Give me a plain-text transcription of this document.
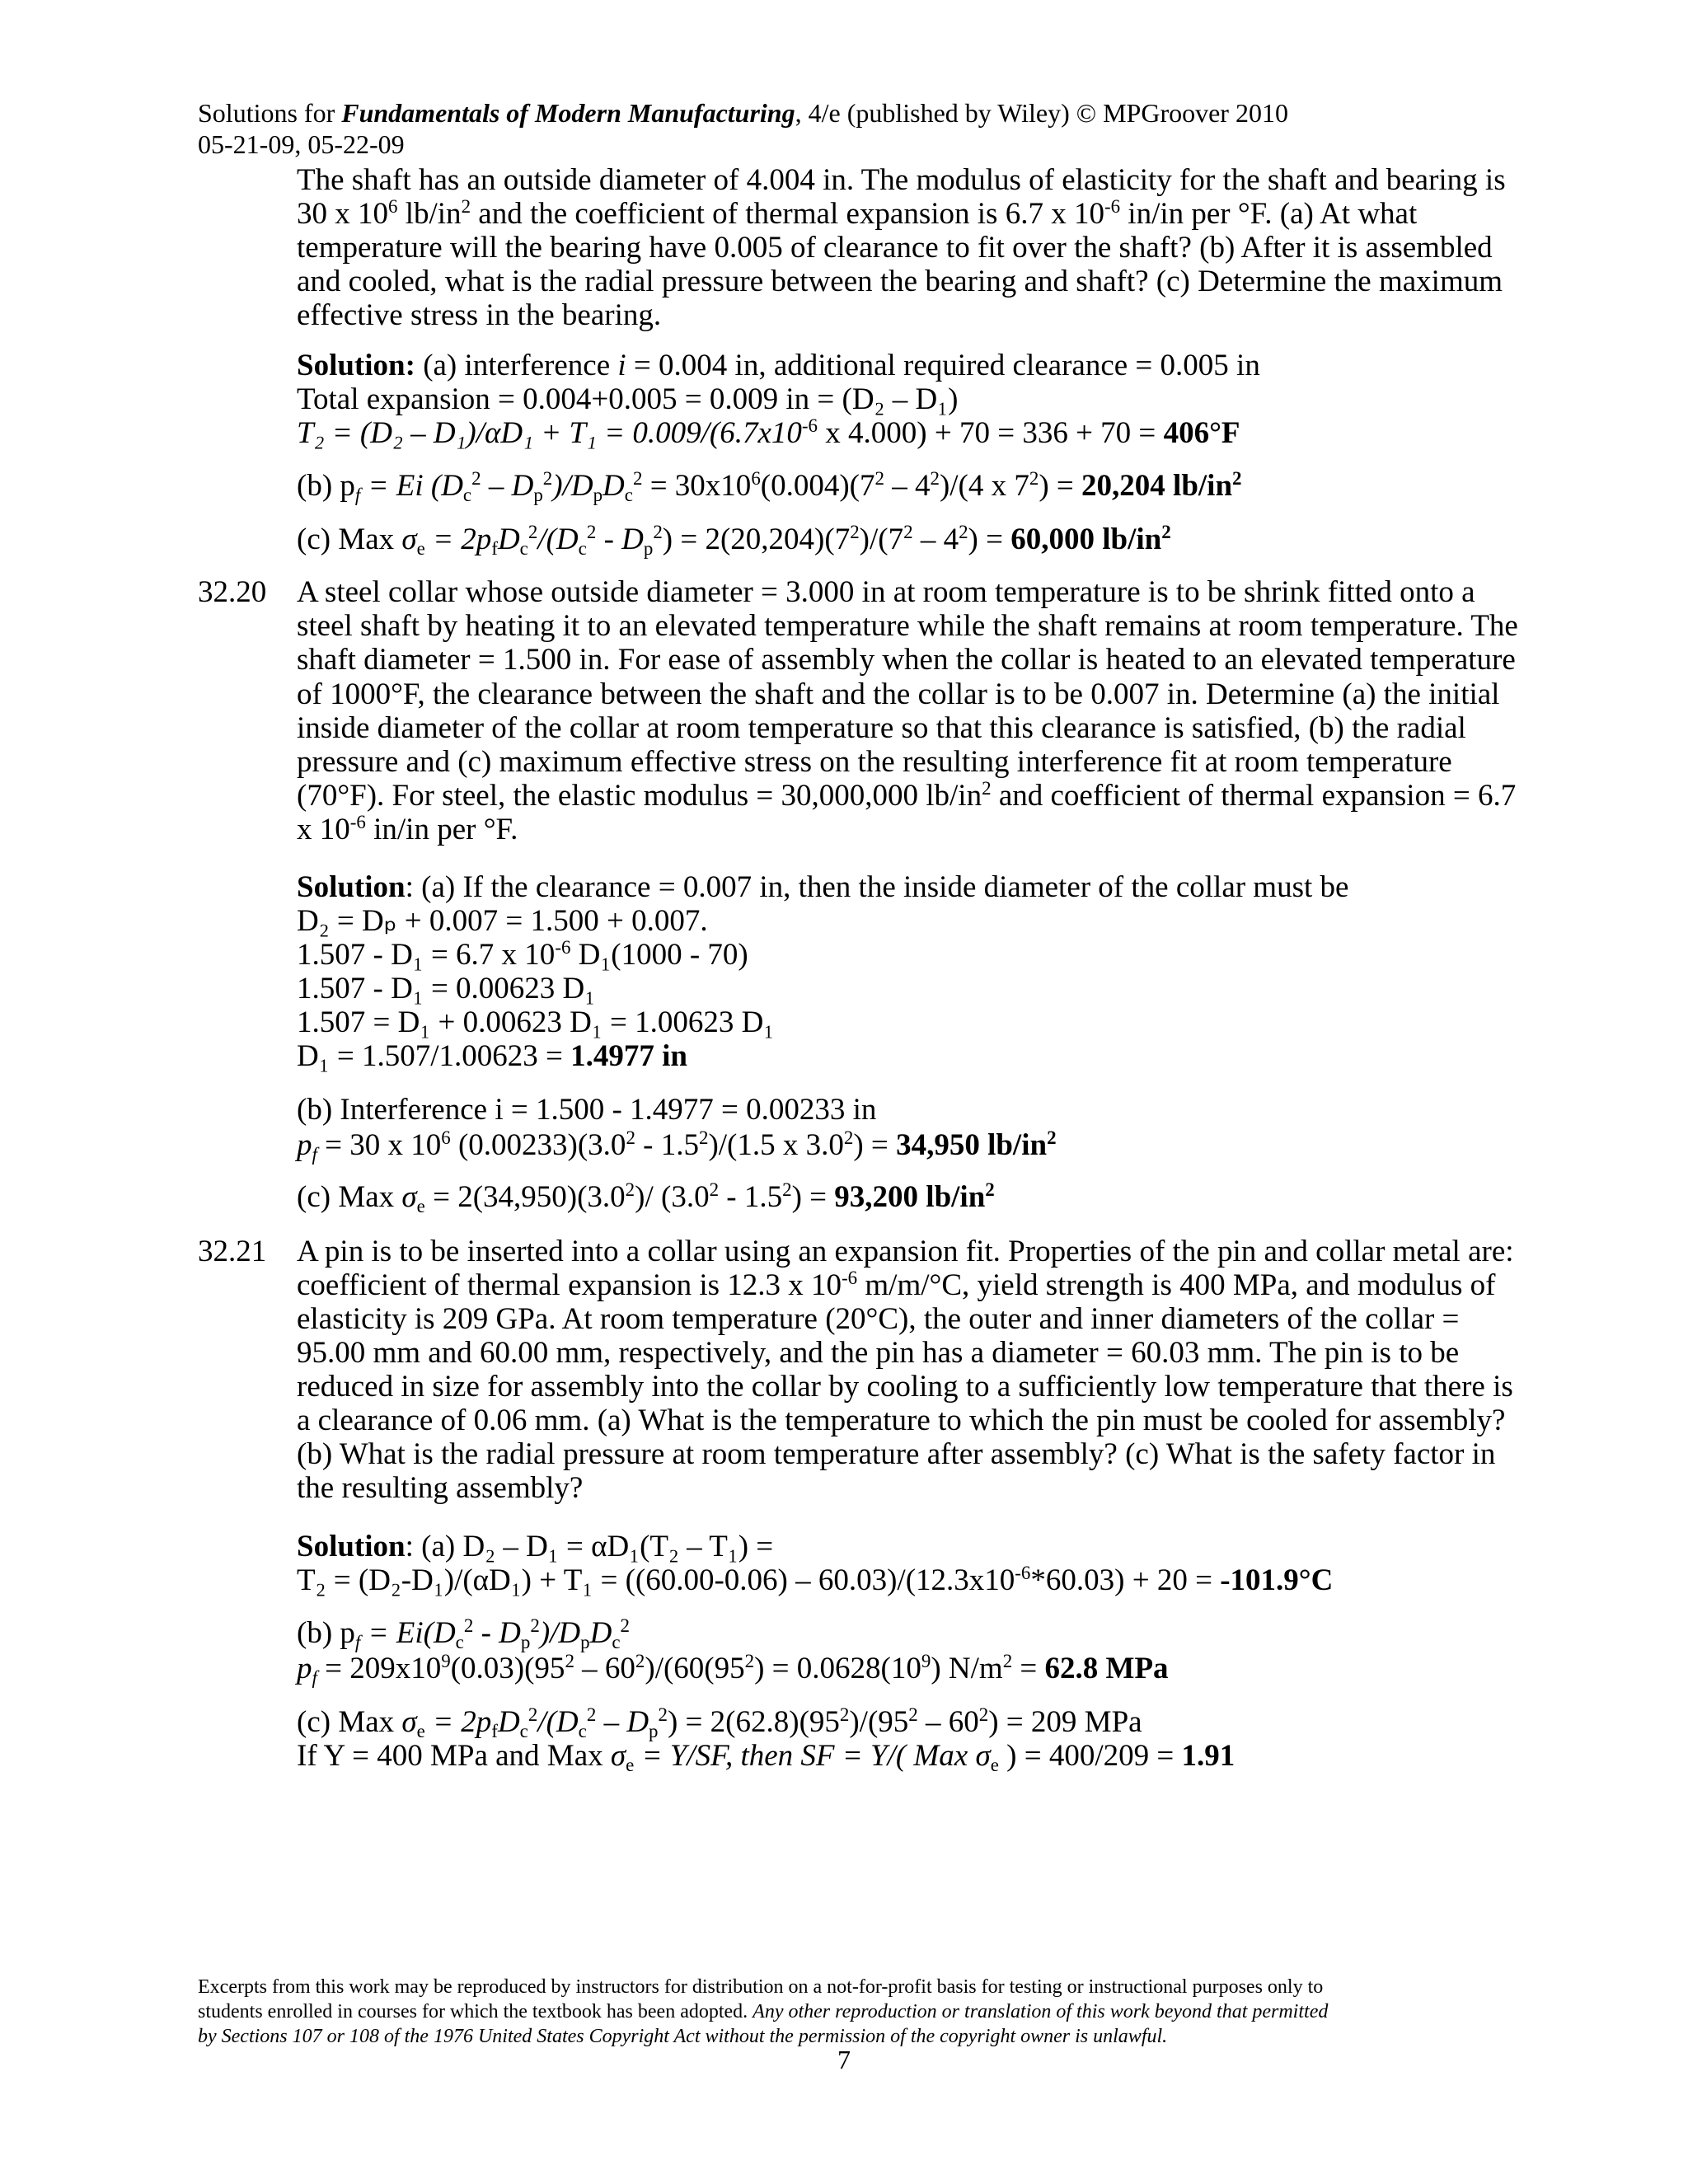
Solutions for Fundamentals of Modern Manufacturing, 4/e (published by Wiley) © MPGroover 2010
05-21-09, 05-22-09
The shaft has an outside diameter of 4.004 in. The modulus of elasticity for the shaft and bearing is
30 x $10^6$ $lb/in^2$ and the coefficient of thermal expansion is 6.7 x $10^{-6}$ in/in per °F. (a) At what
temperature will the bearing have 0.005 of clearance to fit over the shaft? (b) After it is assembled
and cooled, what is the radial pressure between the bearing and shaft? (c) Determine the maximum
effective stress in the bearing.
Solution: (a) interference i = 0.004 in, additional required clearance = 0.005 in
Total expansion = 0.004+0.005 = 0.009 in = (D₂ – D₁)
$T_2 = (D_2 - D_1)/\alpha D_1 + T_1 = 0.009/(6.7x10^{-6}$ x 4.000) + 70 = 336 + 70 = 406°F
(b) $p_f = Ei$ $(D_c^2 - D_p^2)/D_pD_c^2 = 30x10^6(0.004)(7^2 - 4^2)/(4$ x $7^2) = 20,204$ $lb/in^2$
(c) Max $\sigma_e = 2p_fD_c^2/(D_c^2 - D_p^2) = 2(20,204)(7^2)/(7^2 - 4^2) = 60,000$ $lb/in^2$
32.20 A steel collar whose outside diameter = 3.000 in at room temperature is to be shrink fitted onto a
steel shaft by heating it to an elevated temperature while the shaft remains at room temperature. The
shaft diameter = 1.500 in. For ease of assembly when the collar is heated to an elevated temperature
of 1000°F, the clearance between the shaft and the collar is to be 0.007 in. Determine (a) the initial
inside diameter of the collar at room temperature so that this clearance is satisfied, (b) the radial
pressure and (c) maximum effective stress on the resulting interference fit at room temperature
(70°F). For steel, the elastic modulus = 30,000,000 $lb/in^2$ and coefficient of thermal expansion = 6.7
x $10^{-6}$ in/in per °F.
Solution: (a) If the clearance = 0.007 in, then the inside diameter of the collar must be
D₂ = Dₚ + 0.007 = 1.500 + 0.007.
1.507 - D₁ = 6.7 x $10^{-6}$ D₁(1000 - 70)
1.507 - D₁ = 0.00623 D₁
1.507 = D₁ + 0.00623 D₁ = 1.00623 D₁
D₁ = 1.507/1.00623 = 1.4977 in
(b) Interference i = 1.500 - 1.4977 = 0.00233 in
$p_f = 30$ x $10^6$ $(0.00233)(3.0^2 - 1.5^2)/(1.5$ x $3.0^2) = 34,950$ $lb/in^2$
(c) Max $\sigma_e = 2(34,950)(3.0^2)/$ $(3.0^2 - 1.5^2) = 93,200$ $lb/in^2$
32.21 A pin is to be inserted into a collar using an expansion fit. Properties of the pin and collar metal are:
coefficient of thermal expansion is 12.3 x $10^{-6}$ m/m/°C, yield strength is 400 MPa, and modulus of
elasticity is 209 GPa. At room temperature (20°C), the outer and inner diameters of the collar =
95.00 mm and 60.00 mm, respectively, and the pin has a diameter = 60.03 mm. The pin is to be
reduced in size for assembly into the collar by cooling to a sufficiently low temperature that there is
a clearance of 0.06 mm. (a) What is the temperature to which the pin must be cooled for assembly?
(b) What is the radial pressure at room temperature after assembly? (c) What is the safety factor in
the resulting assembly?
Solution: (a) D₂ – D₁ = αD₁(T₂ – T₁) =
$T_2 = (D_2-D_1)/(\alpha D_1) + T_1 = ((60.00-0.06) - 60.03)/(12.3x10^{-6}*60.03) + 20 = -101.9^\circ C$
(b) $p_f = Ei(D_c^2 - D_p^2)/D_pD_c^2$
$p_f = 209x10^9(0.03)(95^2 - 60^2)/(60(95^2) = 0.0628(10^9) N/m^2 = 62.8$ MPa
(c) Max $\sigma_e = 2p_fD_c^2/(D_c^2 - D_p^2) = 2(62.8)(95^2)/(95^2 - 60^2) = 209$ MPa
If Y = 400 MPa and Max $\sigma_e = Y/SF$, then SF = Y/( Max $\sigma_e$ ) = 400/209 = 1.91
Excerpts from this work may be reproduced by instructors for distribution on a not-for-profit basis for testing or instructional purposes only to
students enrolled in courses for which the textbook has been adopted. Any other reproduction or translation of this work beyond that permitted
by Sections 107 or 108 of the 1976 United States Copyright Act without the permission of the copyright owner is unlawful.
7
